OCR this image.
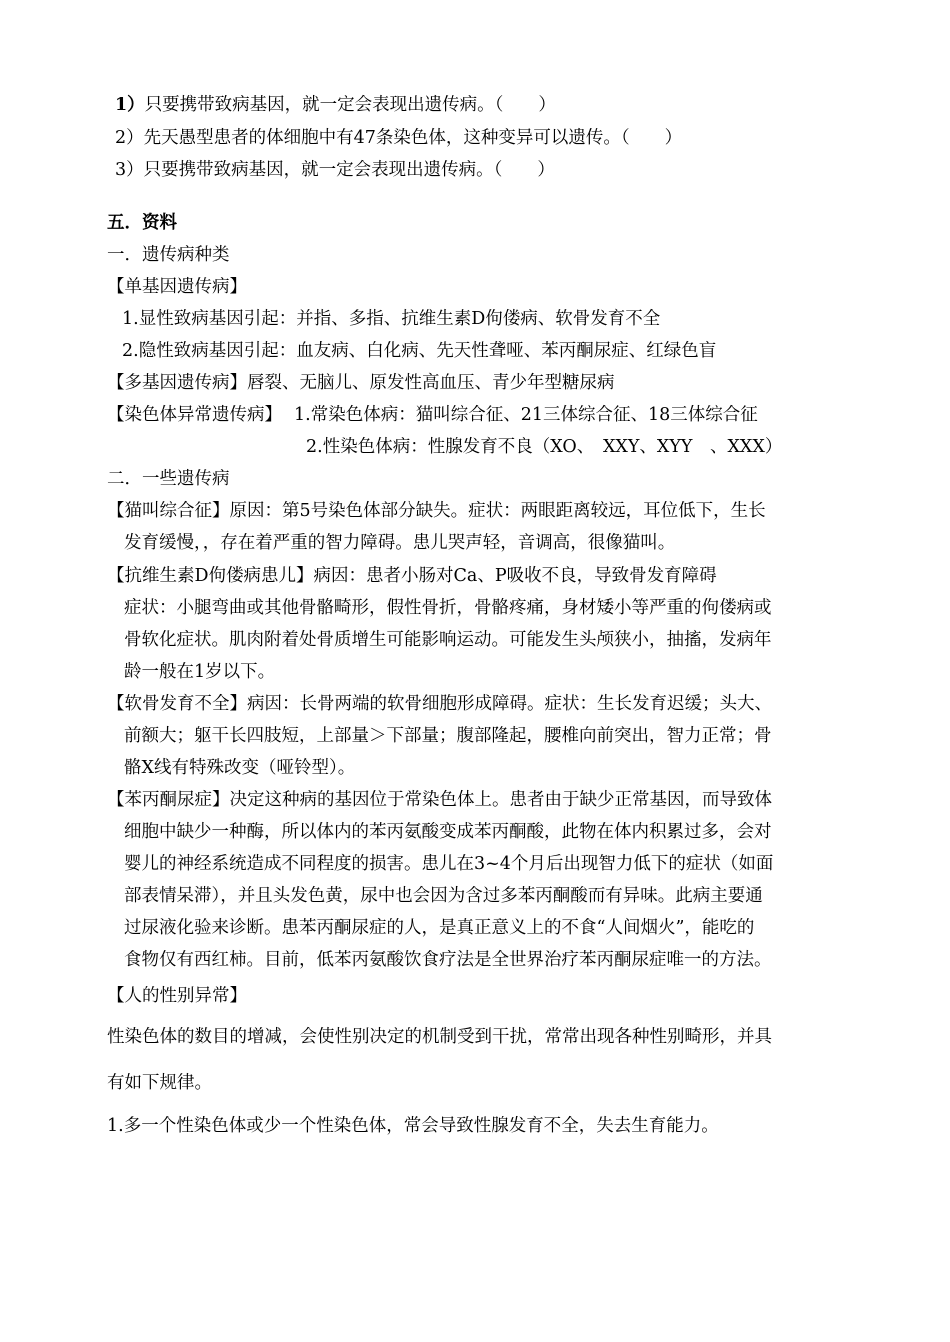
1）只要携带致病基因，就一定会表现出遗传病。（　　）
2）先天愚型患者的体细胞中有47条染色体，这种变异可以遗传。（　　）
3）只要携带致病基因，就一定会表现出遗传病。（　　）
五．资料
一．遗传病种类
【单基因遗传病】
1.显性致病基因引起：并指、多指、抗维生素D佝偻病、软骨发育不全
2.隐性致病基因引起：血友病、白化病、先天性聋哑、苯丙酮尿症、红绿色盲
【多基因遗传病】唇裂、无脑儿、原发性高血压、青少年型糖尿病
【染色体异常遗传病】 1.常染色体病：猫叫综合征、21三体综合征、18三体综合征
2.性染色体病：性腺发育不良（XO、　XXY、XYY　、XXX）
二．一些遗传病
【猫叫综合征】原因：第5号染色体部分缺失。症状：两眼距离较远，耳位低下，生长
发育缓慢，，存在着严重的智力障碍。患儿哭声轻，音调高，很像猫叫。
【抗维生素D佝偻病患儿】病因：患者小肠对Ca、P吸收不良，导致骨发育障碍
症状：小腿弯曲或其他骨骼畸形，假性骨折，骨骼疼痛，身材矮小等严重的佝偻病或
骨软化症状。肌肉附着处骨质增生可能影响运动。可能发生头颅狭小，抽搐，发病年
龄一般在1岁以下。
【软骨发育不全】病因：长骨两端的软骨细胞形成障碍。症状：生长发育迟缓；头大、
前额大；躯干长四肢短，上部量＞下部量；腹部隆起，腰椎向前突出，智力正常；骨
骼X线有特殊改变（哑铃型）。
【苯丙酮尿症】决定这种病的基因位于常染色体上。患者由于缺少正常基因，而导致体
细胞中缺少一种酶，所以体内的苯丙氨酸变成苯丙酮酸，此物在体内积累过多，会对
婴儿的神经系统造成不同程度的损害。患儿在3~4个月后出现智力低下的症状（如面
部表情呆滞），并且头发色黄，尿中也会因为含过多苯丙酮酸而有异味。此病主要通
过尿液化验来诊断。患苯丙酮尿症的人，是真正意义上的不食“人间烟火”，能吃的
食物仅有西红柿。目前，低苯丙氨酸饮食疗法是全世界治疗苯丙酮尿症唯一的方法。
【人的性别异常】
性染色体的数目的增减，会使性别决定的机制受到干扰，常常出现各种性别畸形，并具
有如下规律。
1.多一个性染色体或少一个性染色体，常会导致性腺发育不全，失去生育能力。
